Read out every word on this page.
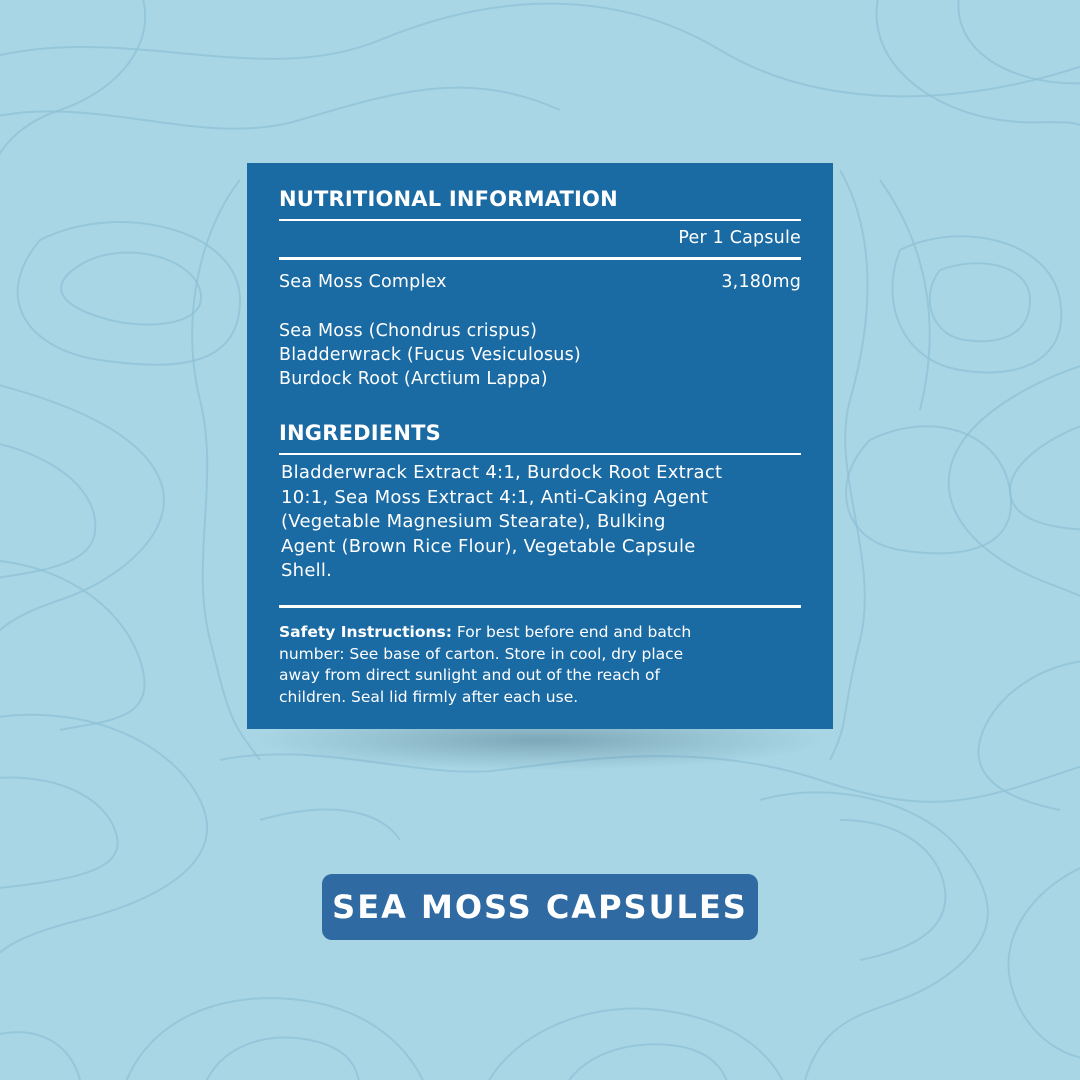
NUTRITIONAL INFORMATION
Per 1 Capsule
Sea Moss Complex	3,180mg
Sea Moss (Chondrus crispus)
Bladderwrack (Fucus Vesiculosus)
Burdock Root (Arctium Lappa)
INGREDIENTS
Bladderwrack Extract 4:1, Burdock Root Extract
10:1, Sea Moss Extract 4:1, Anti-Caking Agent
(Vegetable Magnesium Stearate), Bulking
Agent (Brown Rice Flour), Vegetable Capsule
Shell.
Safety Instructions: For best before end and batch
number: See base of carton. Store in cool, dry place
away from direct sunlight and out of the reach of
children. Seal lid firmly after each use.
SEA MOSS CAPSULES
